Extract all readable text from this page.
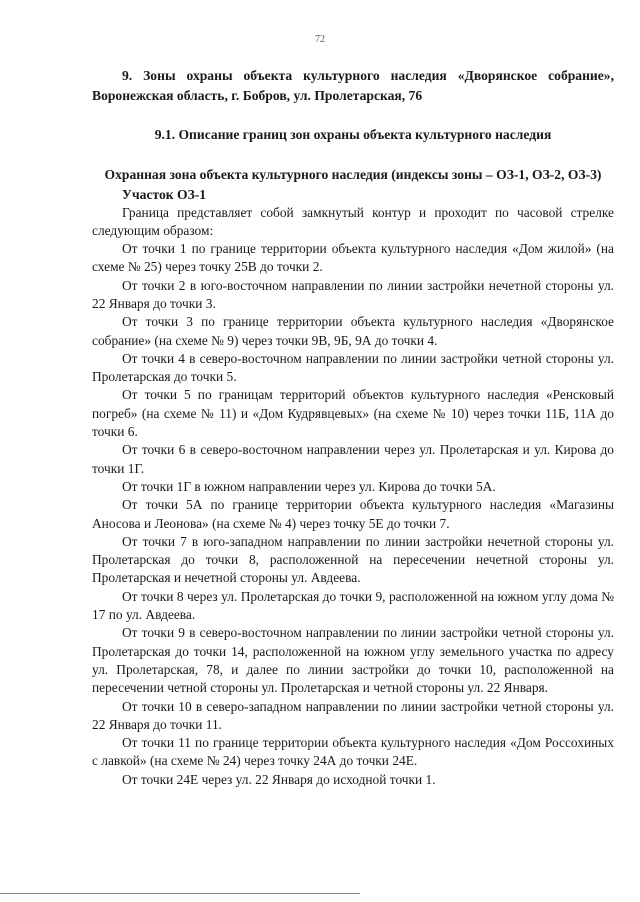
72

9. Зоны охраны объекта культурного наследия «Дворянское собрание», Воронежская область, г. Бобров, ул. Пролетарская, 76

9.1. Описание границ зон охраны объекта культурного наследия

Охранная зона объекта культурного наследия (индексы зоны – ОЗ-1, ОЗ-2, ОЗ-3)

Участок ОЗ-1

Граница представляет собой замкнутый контур и проходит по часовой стрелке следующим образом:

От точки 1 по границе территории объекта культурного наследия «Дом жилой» (на схеме № 25) через точку 25В до точки 2.

От точки 2 в юго-восточном направлении по линии застройки нечетной стороны ул. 22 Января до точки 3.

От точки 3 по границе территории объекта культурного наследия «Дворянское собрание» (на схеме № 9) через точки 9В, 9Б, 9А до точки 4.

От точки 4 в северо-восточном направлении по линии застройки четной стороны ул. Пролетарская до точки 5.

От точки 5 по границам территорий объектов культурного наследия «Ренсковый погреб» (на схеме № 11) и «Дом Кудрявцевых» (на схеме № 10) через точки 11Б, 11А до точки 6.

От точки 6 в северо-восточном направлении через ул. Пролетарская и ул. Кирова до точки 1Г.

От точки 1Г в южном направлении через ул. Кирова до точки 5А.

От точки 5А по границе территории объекта культурного наследия «Магазины Аносова и Леонова» (на схеме № 4) через точку 5Е до точки 7.

От точки 7 в юго-западном направлении по линии застройки нечетной стороны ул. Пролетарская до точки 8, расположенной на пересечении нечетной стороны ул. Пролетарская и нечетной стороны ул. Авдеева.

От точки 8 через ул. Пролетарская до точки 9, расположенной на южном углу дома № 17 по ул. Авдеева.

От точки 9 в северо-восточном направлении по линии застройки четной стороны ул. Пролетарская до точки 14, расположенной на южном углу земельного участка по адресу ул. Пролетарская, 78, и далее по линии застройки до точки 10, расположенной на пересечении четной стороны ул. Пролетарская и четной стороны ул. 22 Января.

От точки 10 в северо-западном направлении по линии застройки четной стороны ул. 22 Января до точки 11.

От точки 11 по границе территории объекта культурного наследия «Дом Россохиных с лавкой» (на схеме № 24) через точку 24А до точки 24Е.

От точки 24Е через ул. 22 Января до исходной точки 1.
